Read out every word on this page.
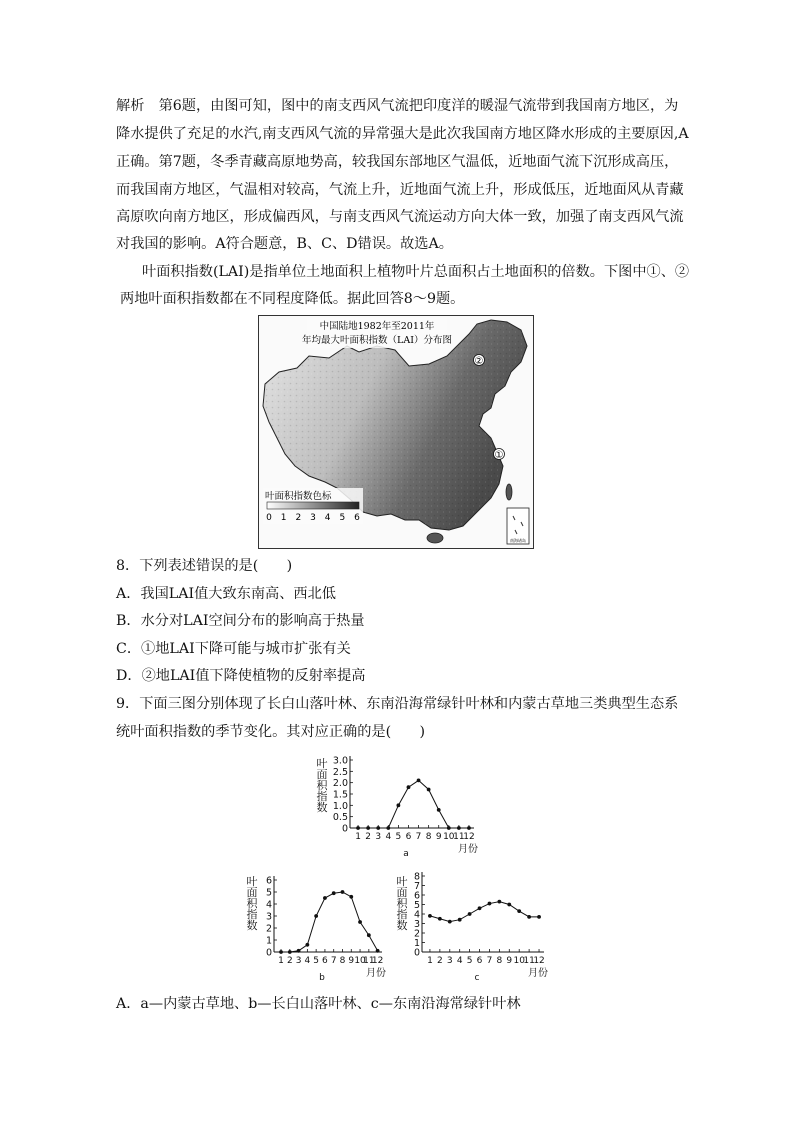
解析　第6题，由图可知，图中的南支西风气流把印度洋的暖湿气流带到我国南方地区，为

降水提供了充足的水汽,南支西风气流的异常强大是此次我国南方地区降水形成的主要原因,A

正确。第7题，冬季青藏高原地势高，较我国东部地区气温低，近地面气流下沉形成高压，

而我国南方地区，气温相对较高，气流上升，近地面气流上升，形成低压，近地面风从青藏

高原吹向南方地区，形成偏西风，与南支西风气流运动方向大体一致，加强了南支西风气流

对我国的影响。A符合题意，B、C、D错误。故选A。

叶面积指数(LAI)是指单位土地面积上植物叶片总面积占土地面积的倍数。下图中①、②

两地叶面积指数都在不同程度降低。据此回答8～9题。

中国陆地1982年至2011年
年均最大叶面积指数（LAI）分布图
②
①
叶面积指数色标
0 1 2 3 4 5 6
南海诸岛

8．下列表述错误的是(　　)

A．我国LAI值大致东南高、西北低

B．水分对LAI空间分布的影响高于热量

C．①地LAI下降可能与城市扩张有关

D．②地LAI值下降使植物的反射率提高

9．下面三图分别体现了长白山落叶林、东南沿海常绿针叶林和内蒙古草地三类典型生态系

统叶面积指数的季节变化。其对应正确的是(　　)

叶面积指数
0
0.5
1.0
1.5
2.0
2.5
3.0
1 2 3 4 5 6 7 8 9 10
11
12
月份
a
叶面积指数
0
1
2
3
4
5
6
1 2 3 4 5 6 7 8 9 10
11
12
月份
b
叶面积指数
0
1
2
3
4
5
6
7
8
1 2 3 4 5 6 7 8 9 10
11
12
月份
c

A．a—内蒙古草地、b—长白山落叶林、c—东南沿海常绿针叶林
